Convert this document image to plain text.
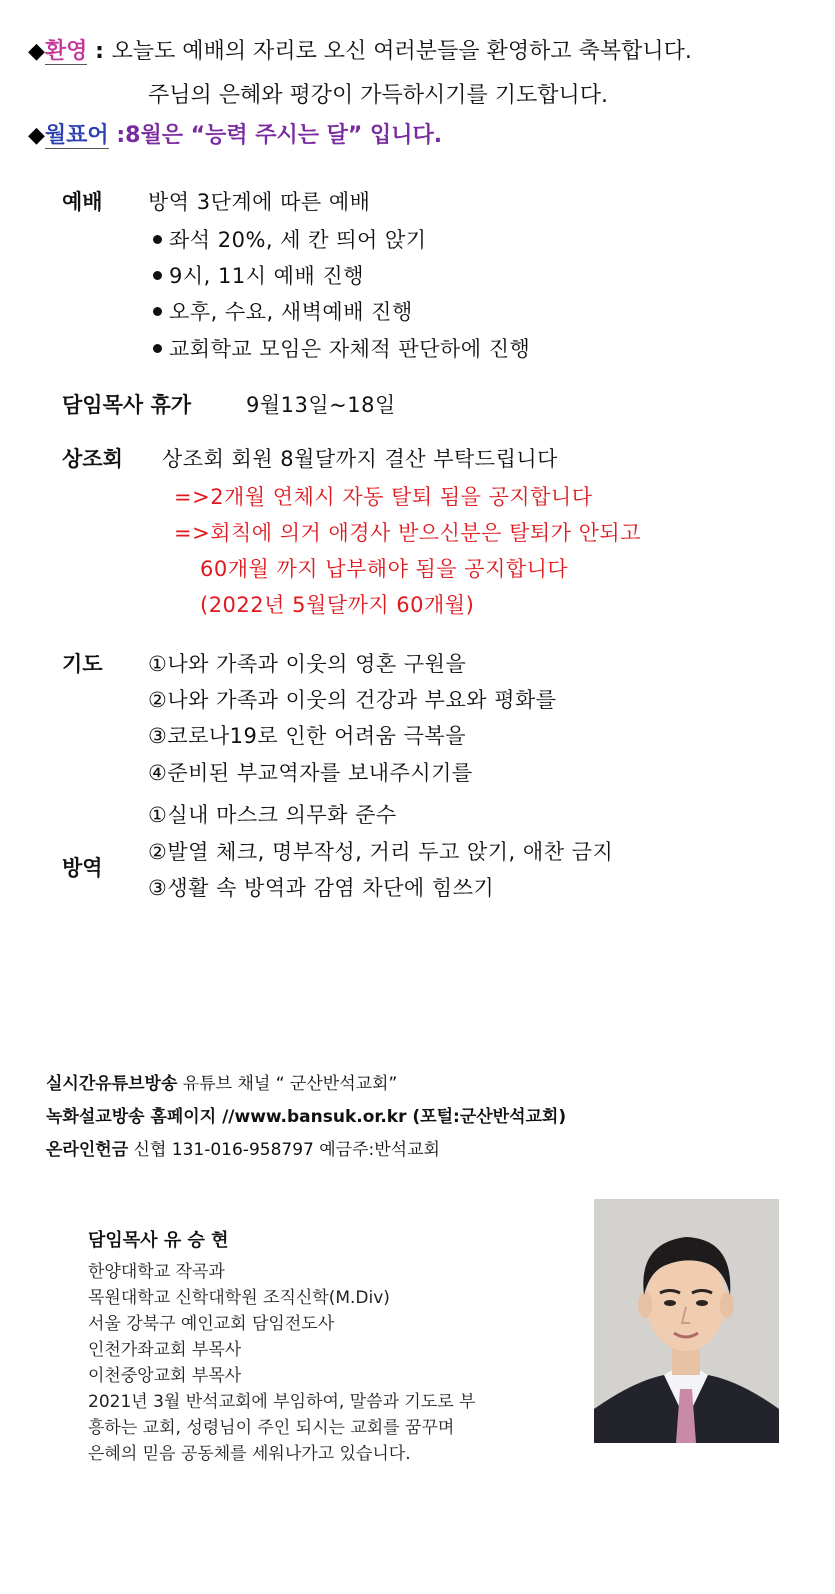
◆환영 : 오늘도 예배의 자리로 오신 여러분들을 환영하고 축복합니다.
주님의 은혜와 평강이 가득하시기를 기도합니다.
◆월표어 :8월은 “능력 주시는 달” 입니다.
예배 방역 3단계에 따른 예배
좌석 20%, 세 칸 띄어 앉기
9시, 11시 예배 진행
오후, 수요, 새벽예배 진행
교회학교 모임은 자체적 판단하에 진행
담임목사 휴가	9월13일~18일
상조회 상조회 회원 8월달까지 결산 부탁드립니다
=>2개월 연체시 자동 탈퇴 됨을 공지합니다
=>회칙에 의거 애경사 받으신분은 탈퇴가 안되고
60개월 까지 납부해야 됨을 공지합니다
(2022년 5월달까지 60개월)
기도 ①나와 가족과 이웃의 영혼 구원을
②나와 가족과 이웃의 건강과 부요와 평화를
③코로나19로 인한 어려움 극복을
④준비된 부교역자를 보내주시기를
①실내 마스크 의무화 준수
방역
②발열 체크, 명부작성, 거리 두고 앉기, 애찬 금지
③생활 속 방역과 감염 차단에 힘쓰기
실시간유튜브방송 유튜브 채널 “ 군산반석교회”
녹화설교방송 홈페이지 //www.bansuk.or.kr (포털:군산반석교회)
온라인헌금 신협 131-016-958797 예금주:반석교회
담임목사 유 승 현
한양대학교 작곡과
목원대학교 신학대학원 조직신학(M.Div)
서울 강북구 예인교회 담임전도사
인천가좌교회 부목사
이천중앙교회 부목사
2021년 3월 반석교회에 부임하여, 말씀과 기도로 부
흥하는 교회, 성령님이 주인 되시는 교회를 꿈꾸며
은혜의 믿음 공동체를 세워나가고 있습니다.
